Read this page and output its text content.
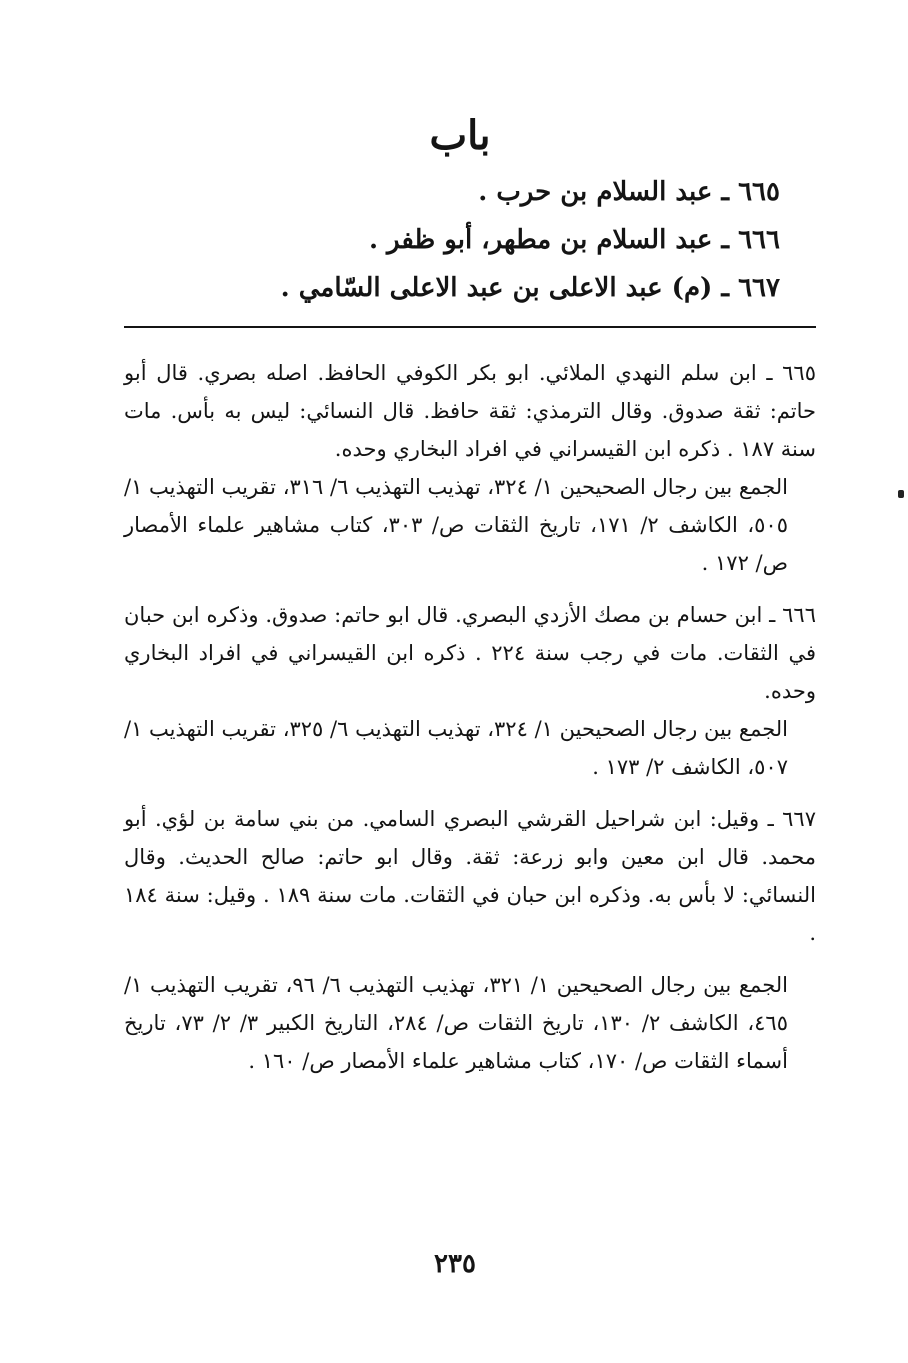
باب
٦٦٥ ـ عبد السلام بن حرب .
٦٦٦ ـ عبد السلام بن مطهر، أبو ظفر .
٦٦٧ ـ (م) عبد الاعلى بن عبد الاعلى السّامي .

٦٦٥ ـ ابن سلم النهدي الملائي. ابو بكر الكوفي الحافظ. اصله بصري. قال أبو حاتم: ثقة صدوق. وقال الترمذي: ثقة حافظ. قال النسائي: ليس به بأس. مات سنة ١٨٧ . ذكره ابن القيسراني في افراد البخاري وحده.

الجمع بين رجال الصحيحين ١/ ٣٢٤، تهذيب التهذيب ٦/ ٣١٦، تقريب التهذيب ١/ ٥٠٥، الكاشف ٢/ ١٧١، تاريخ الثقات ص/ ٣٠٣، كتاب مشاهير علماء الأمصار ص/ ١٧٢ .

٦٦٦ ـ ابن حسام بن مصك الأزدي البصري. قال ابو حاتم: صدوق. وذكره ابن حبان في الثقات. مات في رجب سنة ٢٢٤ . ذكره ابن القيسراني في افراد البخاري وحده.

الجمع بين رجال الصحيحين ١/ ٣٢٤، تهذيب التهذيب ٦/ ٣٢٥، تقريب التهذيب ١/ ٥٠٧، الكاشف ٢/ ١٧٣ .

٦٦٧ ـ وقيل: ابن شراحيل القرشي البصري السامي. من بني سامة بن لؤي. أبو محمد. قال ابن معين وابو زرعة: ثقة. وقال ابو حاتم: صالح الحديث. وقال النسائي: لا بأس به. وذكره ابن حبان في الثقات. مات سنة ١٨٩ . وقيل: سنة ١٨٤ .

الجمع بين رجال الصحيحين ١/ ٣٢١، تهذيب التهذيب ٦/ ٩٦، تقريب التهذيب ١/ ٤٦٥، الكاشف ٢/ ١٣٠، تاريخ الثقات ص/ ٢٨٤، التاريخ الكبير ٣/ ٢/ ٧٣، تاريخ أسماء الثقات ص/ ١٧٠، كتاب مشاهير علماء الأمصار ص/ ١٦٠ .

٢٣٥
